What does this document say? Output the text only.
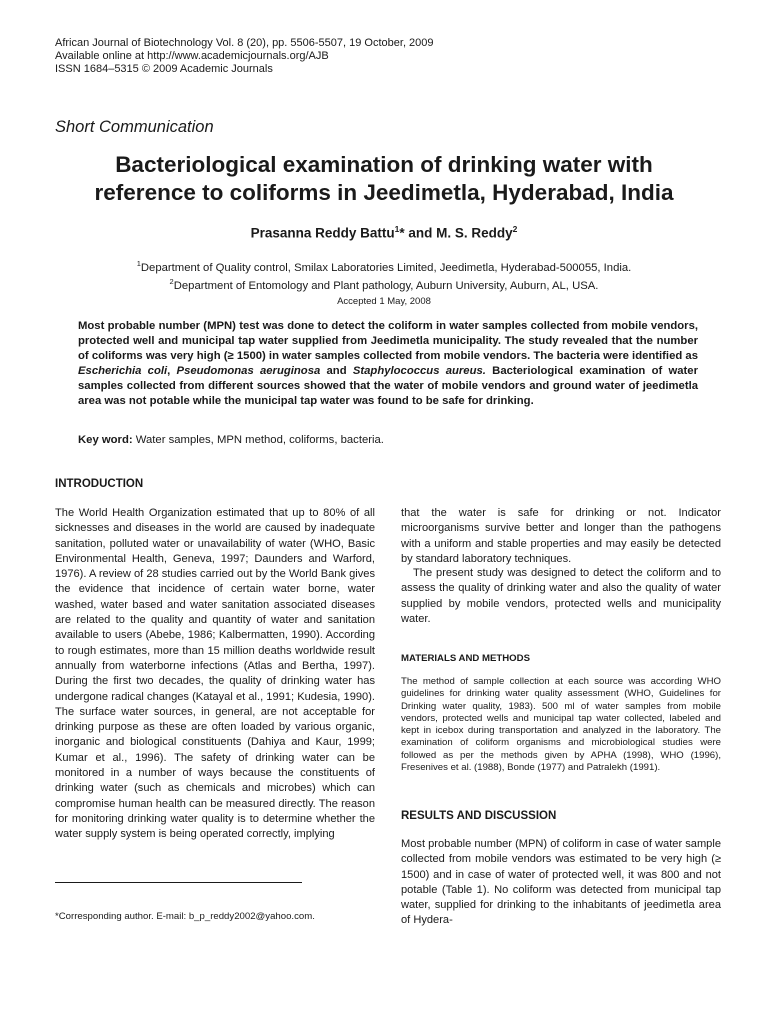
African Journal of Biotechnology Vol. 8 (20), pp. 5506-5507, 19 October, 2009
Available online at http://www.academicjournals.org/AJB
ISSN 1684–5315 © 2009 Academic Journals
Short Communication
Bacteriological examination of drinking water with
reference to coliforms in Jeedimetla, Hyderabad, India
Prasanna Reddy Battu$^1$* and M. S. Reddy$^2$
$^1$Department of Quality control, Smilax Laboratories Limited, Jeedimetla, Hyderabad-500055, India.
$^2$Department of Entomology and Plant pathology, Auburn University, Auburn, AL, USA.
Accepted 1 May, 2008
Most probable number (MPN) test was done to detect the coliform in water samples collected from mobile vendors, protected well and municipal tap water supplied from Jeedimetla municipality. The study revealed that the number of coliforms was very high (≥ 1500) in water samples collected from mobile vendors. The bacteria were identified as Escherichia coli, Pseudomonas aeruginosa and Staphylococcus aureus. Bacteriological examination of water samples collected from different sources showed that the water of mobile vendors and ground water of jeedimetla area was not potable while the municipal tap water was found to be safe for drinking.
Key word: Water samples, MPN method, coliforms, bacteria.
INTRODUCTION
The World Health Organization estimated that up to 80% of all sicknesses and diseases in the world are caused by inadequate sanitation, polluted water or unavailability of water (WHO, Basic Environmental Health, Geneva, 1997; Daunders and Warford, 1976). A review of 28 studies carried out by the World Bank gives the evidence that incidence of certain water borne, water washed, water based and water sanitation associated diseases are related to the quality and quantity of water and sanitation available to users (Abebe, 1986; Kalbermatten, 1990). According to rough estimates, more than 15 million deaths worldwide result annually from waterborne infections (Atlas and Bertha, 1997). During the first two decades, the quality of drinking water has undergone radical changes (Katayal et al., 1991; Kudesia, 1990). The surface water sources, in general, are not acceptable for drinking purpose as these are often loaded by various organic, inorganic and biological constituents (Dahiya and Kaur, 1999; Kumar et al., 1996). The safety of drinking water can be monitored in a number of ways because the constituents of drinking water (such as chemicals and microbes) which can compromise human health can be measured directly. The reason for monitoring drinking water quality is to determine whether the water supply system is being operated correctly, implying
*Corresponding author. E-mail: b_p_reddy2002@yahoo.com.
that the water is safe for drinking or not. Indicator microorganisms survive better and longer than the pathogens with a uniform and stable properties and may easily be detected by standard laboratory techniques.
The present study was designed to detect the coliform and to assess the quality of drinking water and also the quality of water supplied by mobile vendors, protected wells and municipality water.
MATERIALS AND METHODS
The method of sample collection at each source was according WHO guidelines for drinking water quality assessment (WHO, Guidelines for Drinking water quality, 1983). 500 ml of water samples from mobile vendors, protected wells and municipal tap water collected, labeled and kept in icebox during transportation and analyzed in the laboratory. The examination of coliform organisms and microbiological studies were followed as per the methods given by APHA (1998), WHO (1996), Fresenives et al. (1988), Bonde (1977) and Patralekh (1991).
RESULTS AND DISCUSSION
Most probable number (MPN) of coliform in case of water sample collected from mobile vendors was estimated to be very high (≥ 1500) and in case of water of protected well, it was 800 and not potable (Table 1). No coliform was detected from municipal tap water, supplied for drinking to the inhabitants of jeedimetla area of Hydera-
